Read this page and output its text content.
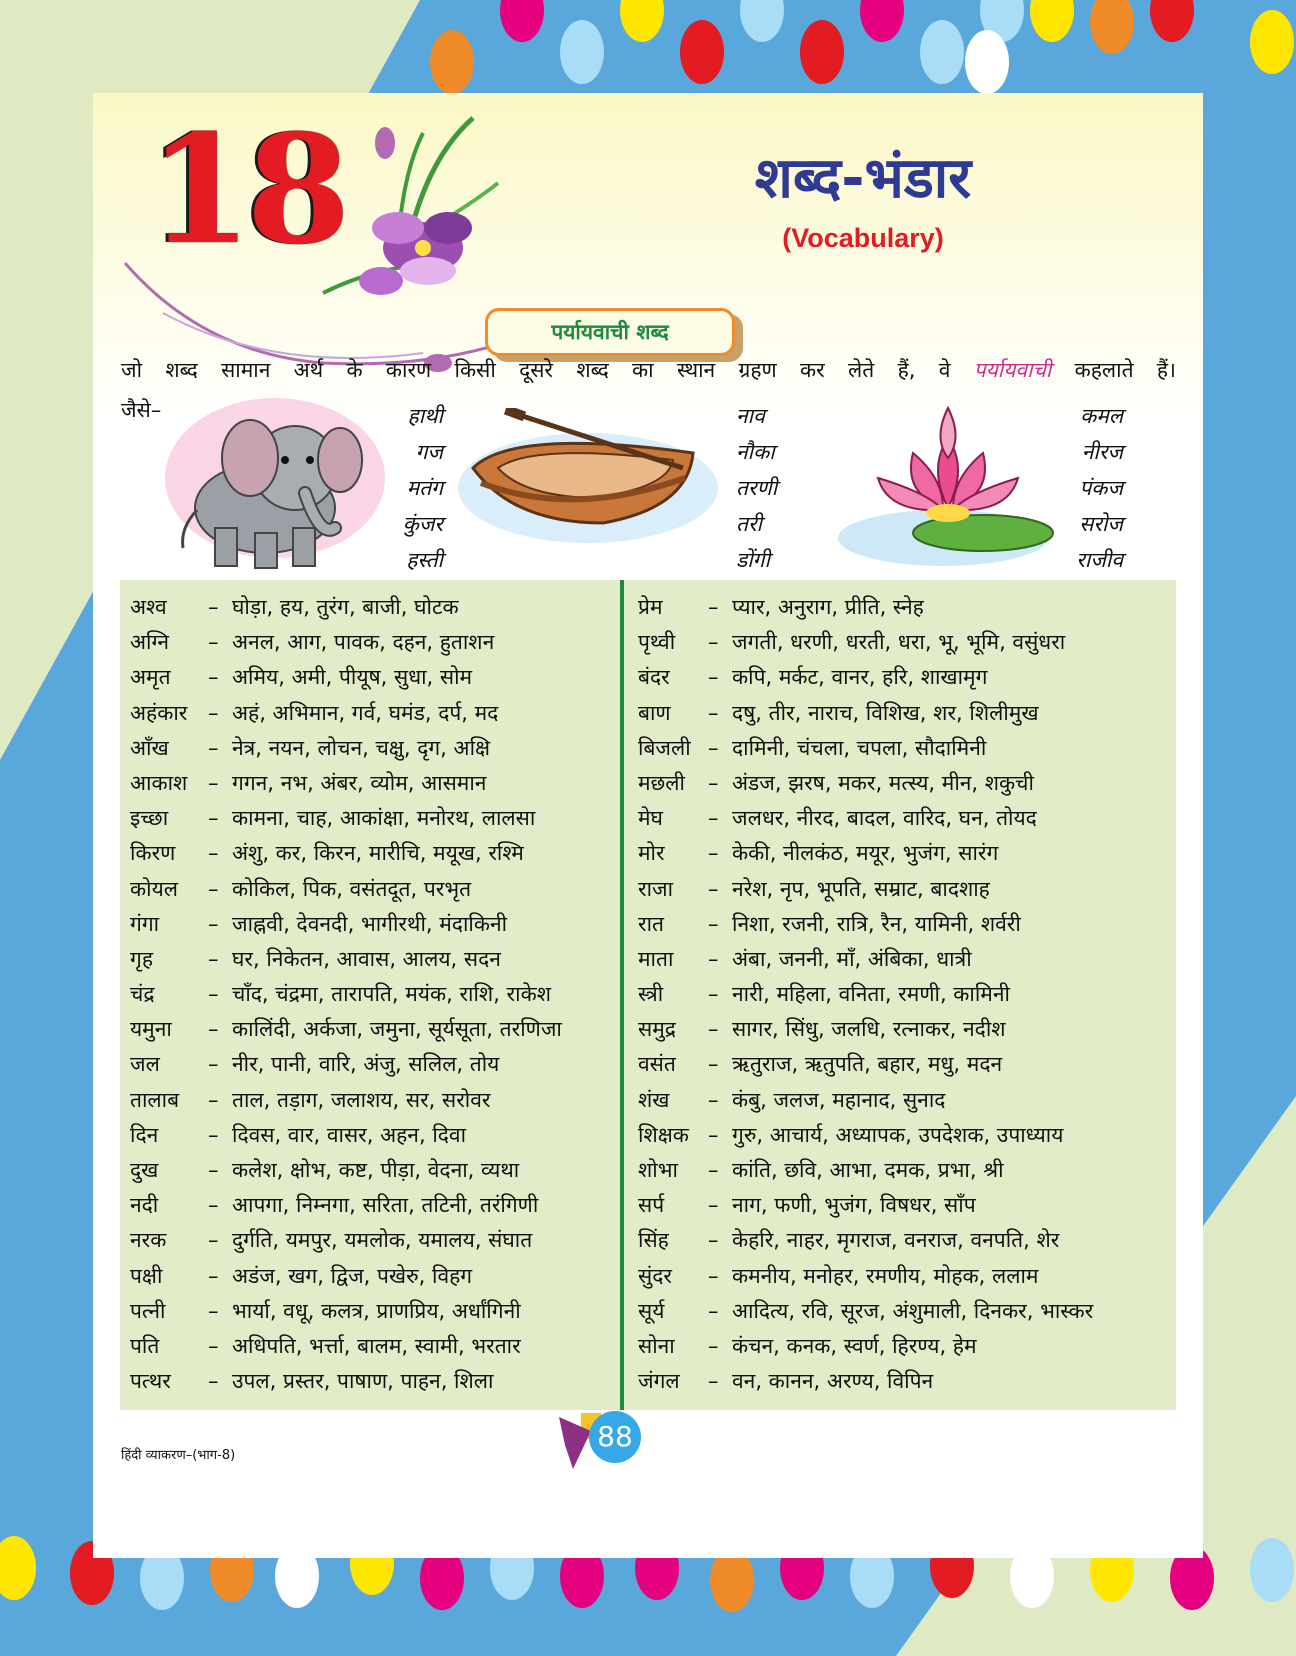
18	शब्द-भंडार
(Vocabulary)
पर्यायवाची शब्द
जो शब्द सामान अर्थ के कारण किसी दूसरे शब्द का स्थान ग्रहण कर लेते हैं, वे पर्यायवाची कहलाते हैं।
जैसे–	हाथी
गज
मतंग
कुंजर
हस्ती
नाव
नौका
तरणी
तरी
डोंगी
कमल
नीरज
पंकज
सरोज
राजीव
अश्व – घोड़ा, हय, तुरंग, बाजी, घोटक
अग्नि – अनल, आग, पावक, दहन, हुताशन
अमृत – अमिय, अमी, पीयूष, सुधा, सोम
अहंकार – अहं, अभिमान, गर्व, घमंड, दर्प, मद
आँख – नेत्र, नयन, लोचन, चक्षु, दृग, अक्षि
आकाश – गगन, नभ, अंबर, व्योम, आसमान
इच्छा – कामना, चाह, आकांक्षा, मनोरथ, लालसा
किरण – अंशु, कर, किरन, मारीचि, मयूख, रश्मि
कोयल – कोकिल, पिक, वसंतदूत, परभृत
गंगा – जाह्नवी, देवनदी, भागीरथी, मंदाकिनी
गृह	– घर, निकेतन, आवास, आलय, सदन
चंद्र	– चाँद, चंद्रमा, तारापति, मयंक, राशि, राकेश
यमुना – कालिंदी, अर्कजा, जमुना, सूर्यसूता, तरणिजा
जल – नीर, पानी, वारि, अंजु, सलिल, तोय
तालाब – ताल, तड़ाग, जलाशय, सर, सरोवर
दिन – दिवस, वार, वासर, अहन, दिवा
दुख – कलेश, क्षोभ, कष्ट, पीड़ा, वेदना, व्यथा
नदी – आपगा, निम्नगा, सरिता, तटिनी, तरंगिणी
नरक – दुर्गति, यमपुर, यमलोक, यमालय, संघात
पक्षी – अडंज, खग, द्विज, पखेरु, विहग
पत्नी – भार्या, वधू, कलत्र, प्राणप्रिय, अर्धांगिनी
पति – अधिपति, भर्त्ता, बालम, स्वामी, भरतार
पत्थर – उपल, प्रस्तर, पाषाण, पाहन, शिला
प्रेम – प्यार, अनुराग, प्रीति, स्नेह
पृथ्वी – जगती, धरणी, धरती, धरा, भू, भूमि, वसुंधरा
बंदर – कपि, मर्कट, वानर, हरि, शाखामृग
बाण – दषु, तीर, नाराच, विशिख, शर, शिलीमुख
बिजली – दामिनी, चंचला, चपला, सौदामिनी
मछली – अंडज, झरष, मकर, मत्स्य, मीन, शकुची
मेघ – जलधर, नीरद, बादल, वारिद, घन, तोयद
मोर – केकी, नीलकंठ, मयूर, भुजंग, सारंग
राजा – नरेश, नृप, भूपति, सम्राट, बादशाह
रात – निशा, रजनी, रात्रि, रैन, यामिनी, शर्वरी
माता – अंबा, जननी, माँ, अंबिका, धात्री
स्त्री – नारी, महिला, वनिता, रमणी, कामिनी
समुद्र – सागर, सिंधु, जलधि, रत्नाकर, नदीश
वसंत – ऋतुराज, ऋतुपति, बहार, मधु, मदन
शंख – कंबु, जलज, महानाद, सुनाद
शिक्षक – गुरु, आचार्य, अध्यापक, उपदेशक, उपाध्याय
शोभा – कांति, छवि, आभा, दमक, प्रभा, श्री
सर्प – नाग, फणी, भुजंग, विषधर, साँप
सिंह – केहरि, नाहर, मृगराज, वनराज, वनपति, शेर
सुंदर – कमनीय, मनोहर, रमणीय, मोहक, ललाम
सूर्य – आदित्य, रवि, सूरज, अंशुमाली, दिनकर, भास्कर
सोना – कंचन, कनक, स्वर्ण, हिरण्य, हेम
जंगल – वन, कानन, अरण्य, विपिन
हिंदी व्याकरण–(भाग-8)
88
